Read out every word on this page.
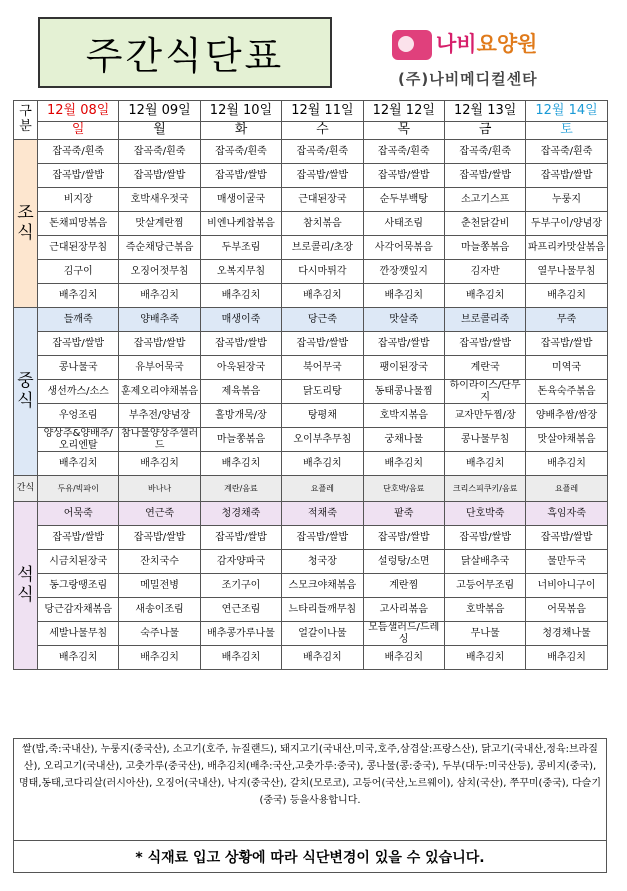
주간식단표	나비요양원
(주)나비메디컬센타
구분	12월 08일	12월 09일	12월 10일	12월 11일	12월 12일	12월 13일	12월 14일
	일	월	화	수	목	금	토
조
식	잡곡죽/흰죽	잡곡죽/흰죽	잡곡죽/흰죽	잡곡죽/흰죽	잡곡죽/흰죽	잡곡죽/흰죽	잡곡죽/흰죽
	잡곡밥/쌀밥	잡곡밥/쌀밥	잡곡밥/쌀밥	잡곡밥/쌀밥	잡곡밥/쌀밥	잡곡밥/쌀밥	잡곡밥/쌀밥
	비지장	호박새우젓국	매생이굴국	근대된장국	순두부백탕	소고기스프	누룽지
	돈채피망볶음	맛살계란찜	비엔나케찹볶음	참치볶음	사태조림	춘천닭갈비	두부구이/양념장
	근대된장무침	즉순채당근볶음	두부조림	브로콜리/초장	사각어묵볶음	마늘쫑볶음	파프리카맛살볶음
	김구이	오징어젓무침	오복지무침	다시마튀각	깐장깻잎지	김자반	열무나물무침
	배추김치	배추김치	배추김치	배추김치	배추김치	배추김치	배추김치
중
식	들깨죽	양배추죽	매생이죽	당근죽	맛살죽	브로콜리죽	무죽
	잡곡밥/쌀밥	잡곡밥/쌀밥	잡곡밥/쌀밥	잡곡밥/쌀밥	잡곡밥/쌀밥	잡곡밥/쌀밥	잡곡밥/쌀밥
	콩나물국	유부어묵국	아욱된장국	북어무국	팽이된장국	계란국	미역국
	생선까스/소스	훈제오리야채볶음	제육볶음	닭도리탕	동태콩나물찜	하이라이스/단무지	돈육숙주볶음
	우엉조림	부추전/양념장	홀방개묵/장	탕평채	호박지볶음	교자만두찜/장	양배추쌈/쌈장
	양상추&양배추/오리엔탈	참나물양상추샐러드	마늘쫑볶음	오이부추무침	궁채나물	콩나물무침	맛살야채볶음
	배추김치	배추김치	배추김치	배추김치	배추김치	배추김치	배추김치
간식	두유/빅파이	바나나	계란/음료	요플레	단호박/음료	크리스피쿠키/음료	요플레
석
식	어묵죽	연근죽	청경채죽	적채죽	팥죽	단호박죽	흑임자죽
	잡곡밥/쌀밥	잡곡밥/쌀밥	잡곡밥/쌀밥	잡곡밥/쌀밥	잡곡밥/쌀밥	잡곡밥/쌀밥	잡곡밥/쌀밥
	시금치된장국	잔치국수	감자양파국	청국장	설렁탕/소면	닭살배추국	물만두국
	동그랑땡조림	메밀전병	조기구이	스모크야채볶음	계란찜	고등어무조림	너비아니구이
	당근감자채볶음	새송이조림	연근조림	느타리들깨무침	고사리볶음	호박볶음	어묵볶음
	세발나물무침	숙주나물	배추콩가루나물	얼갈이나물	모듬샐러드/드레싱	무나물	청경채나물
	배추김치	배추김치	배추김치	배추김치	배추김치	배추김치	배추김치
쌀(밥,죽:국내산), 누룽지(중국산), 소고기(호주, 뉴질랜드), 돼지고기(국내산,미국,호주,삼겹살:프랑스산), 닭고기(국내산,정육:브라질산), 오리고기(국내산), 고춧가루(중국산), 배추김치(배추:국산,고춧가루:중국), 콩나물(콩:중국), 두부(대두:미국산등), 콩비지(중국), 명태,동태,코다리살(러시아산), 오징어(국내산), 낙지(중국산), 갈치(모로코), 고등어(국산,노르웨이), 삼치(국산), 쭈꾸미(중국), 다슬기(중국) 등을사용합니다.
* 식재료 입고 상황에 따라 식단변경이 있을 수 있습니다.
